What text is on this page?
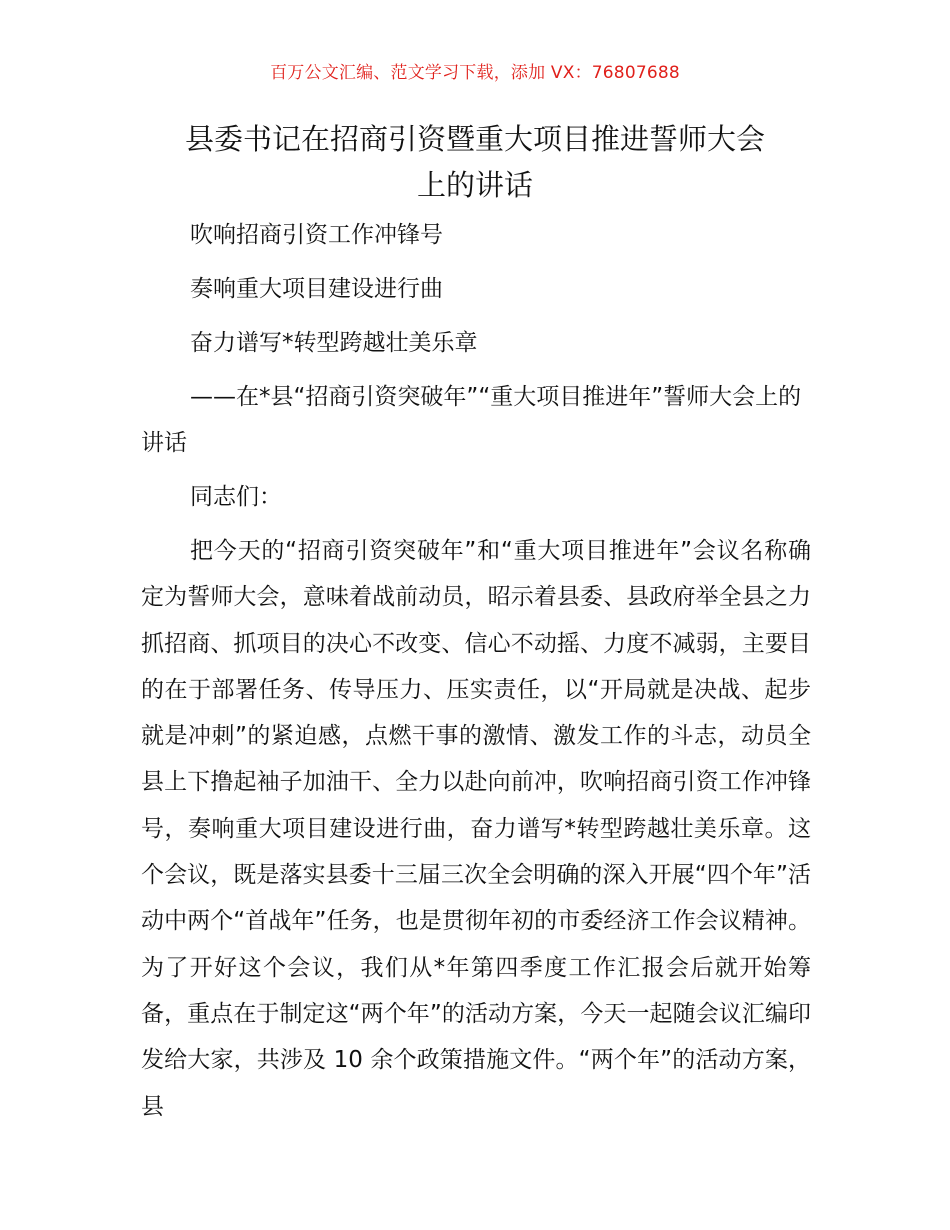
百万公文汇编、范文学习下载，添加 VX：76807688
县委书记在招商引资暨重大项目推进誓师大会
上的讲话

吹响招商引资工作冲锋号

奏响重大项目建设进行曲

奋力谱写*转型跨越壮美乐章

——在*县“招商引资突破年”“重大项目推进年”誓师大会上的讲话

同志们：

把今天的“招商引资突破年”和“重大项目推进年”会议名称确定为誓师大会，意味着战前动员，昭示着县委、县政府举全县之力抓招商、抓项目的决心不改变、信心不动摇、力度不减弱，主要目的在于部署任务、传导压力、压实责任，以“开局就是决战、起步就是冲刺”的紧迫感，点燃干事的激情、激发工作的斗志，动员全县上下撸起袖子加油干、全力以赴向前冲，吹响招商引资工作冲锋号，奏响重大项目建设进行曲，奋力谱写*转型跨越壮美乐章。这个会议，既是落实县委十三届三次全会明确的深入开展“四个年”活动中两个“首战年”任务，也是贯彻年初的市委经济工作会议精神。为了开好这个会议，我们从*年第四季度工作汇报会后就开始筹备，重点在于制定这“两个年”的活动方案，今天一起随会议汇编印发给大家，共涉及 10 余个政策措施文件。“两个年”的活动方案，县
